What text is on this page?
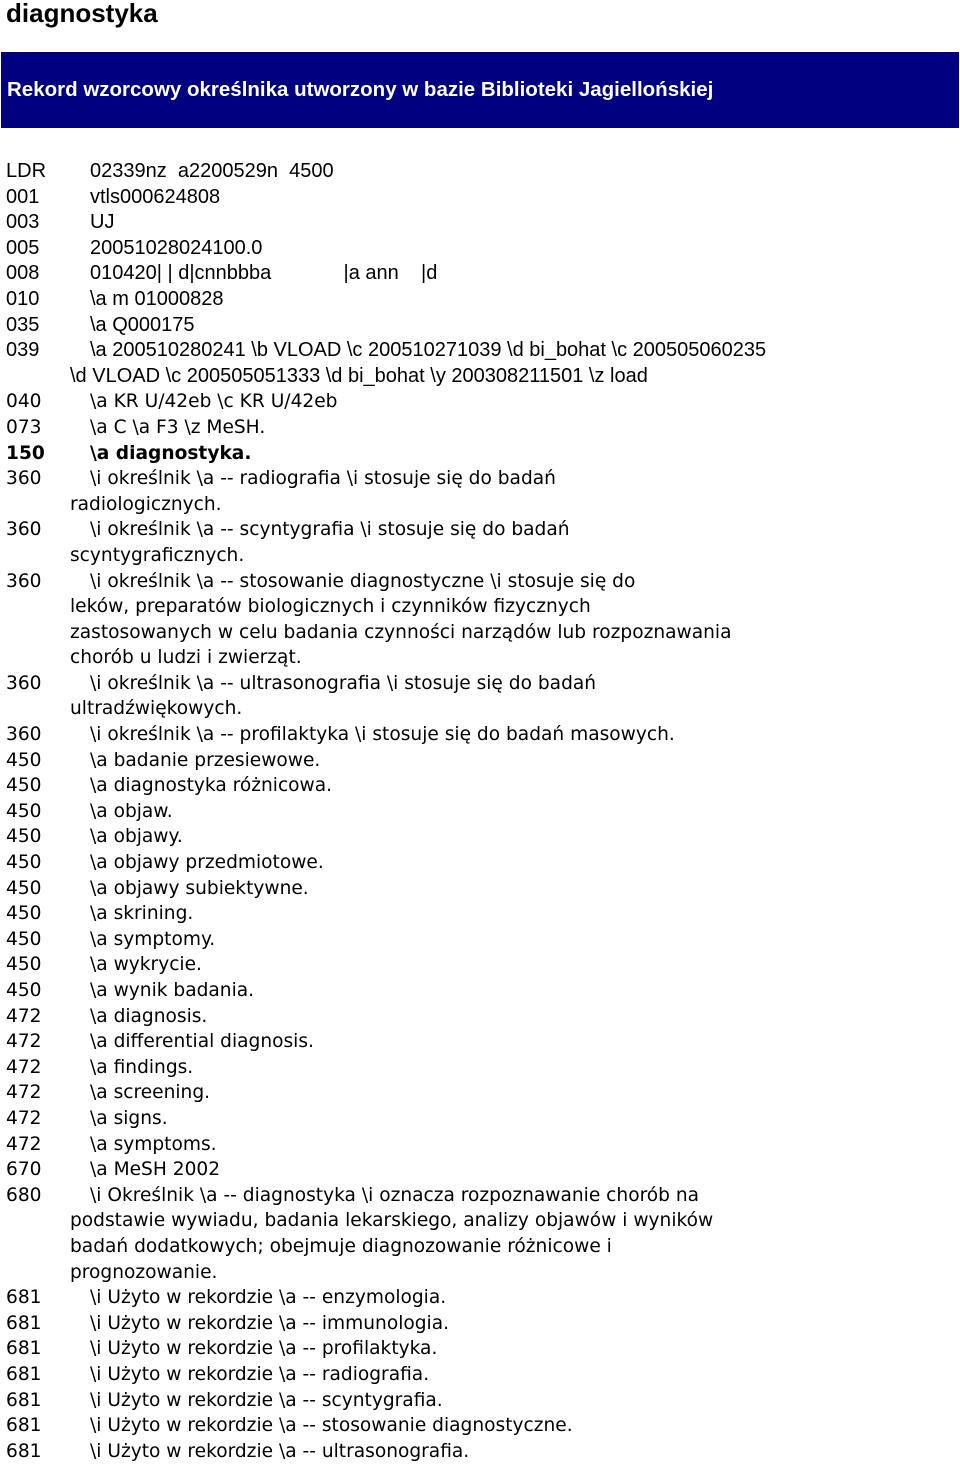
diagnostyka
Rekord wzorcowy określnika utworzony w bazie Biblioteki Jagiellońskiej
LDR	02339nz  a2200529n  4500
001	vtls000624808
003	UJ
005	20051028024100.0
008	010420| | d|cnnbbba             |a ann    |d
010	\a m 01000828
035	\a Q000175
039	\a 200510280241 \b VLOAD \c 200510271039 \d bi_bohat \c 200505060235
\d VLOAD \c 200505051333 \d bi_bohat \y 200308211501 \z load
040	\a KR U/42eb \c KR U/42eb
073	\a C \a F3 \z MeSH.
150	\a diagnostyka.
360	\i określnik \a -- radiografia \i stosuje się do badań
radiologicznych.
360	\i określnik \a -- scyntygrafia \i stosuje się do badań
scyntygraficznych.
360	\i określnik \a -- stosowanie diagnostyczne \i stosuje się do
leków, preparatów biologicznych i czynników fizycznych
zastosowanych w celu badania czynności narządów lub rozpoznawania
chorób u ludzi i zwierząt.
360	\i określnik \a -- ultrasonografia \i stosuje się do badań
ultradźwiękowych.
360	\i określnik \a -- profilaktyka \i stosuje się do badań masowych.
450	\a badanie przesiewowe.
450	\a diagnostyka różnicowa.
450	\a objaw.
450	\a objawy.
450	\a objawy przedmiotowe.
450	\a objawy subiektywne.
450	\a skrining.
450	\a symptomy.
450	\a wykrycie.
450	\a wynik badania.
472	\a diagnosis.
472	\a differential diagnosis.
472	\a findings.
472	\a screening.
472	\a signs.
472	\a symptoms.
670	\a MeSH 2002
680	\i Określnik \a -- diagnostyka \i oznacza rozpoznawanie chorób na
podstawie wywiadu, badania lekarskiego, analizy objawów i wyników
badań dodatkowych; obejmuje diagnozowanie różnicowe i
prognozowanie.
681	\i Użyto w rekordzie \a -- enzymologia.
681	\i Użyto w rekordzie \a -- immunologia.
681	\i Użyto w rekordzie \a -- profilaktyka.
681	\i Użyto w rekordzie \a -- radiografia.
681	\i Użyto w rekordzie \a -- scyntygrafia.
681	\i Użyto w rekordzie \a -- stosowanie diagnostyczne.
681	\i Użyto w rekordzie \a -- ultrasonografia.
